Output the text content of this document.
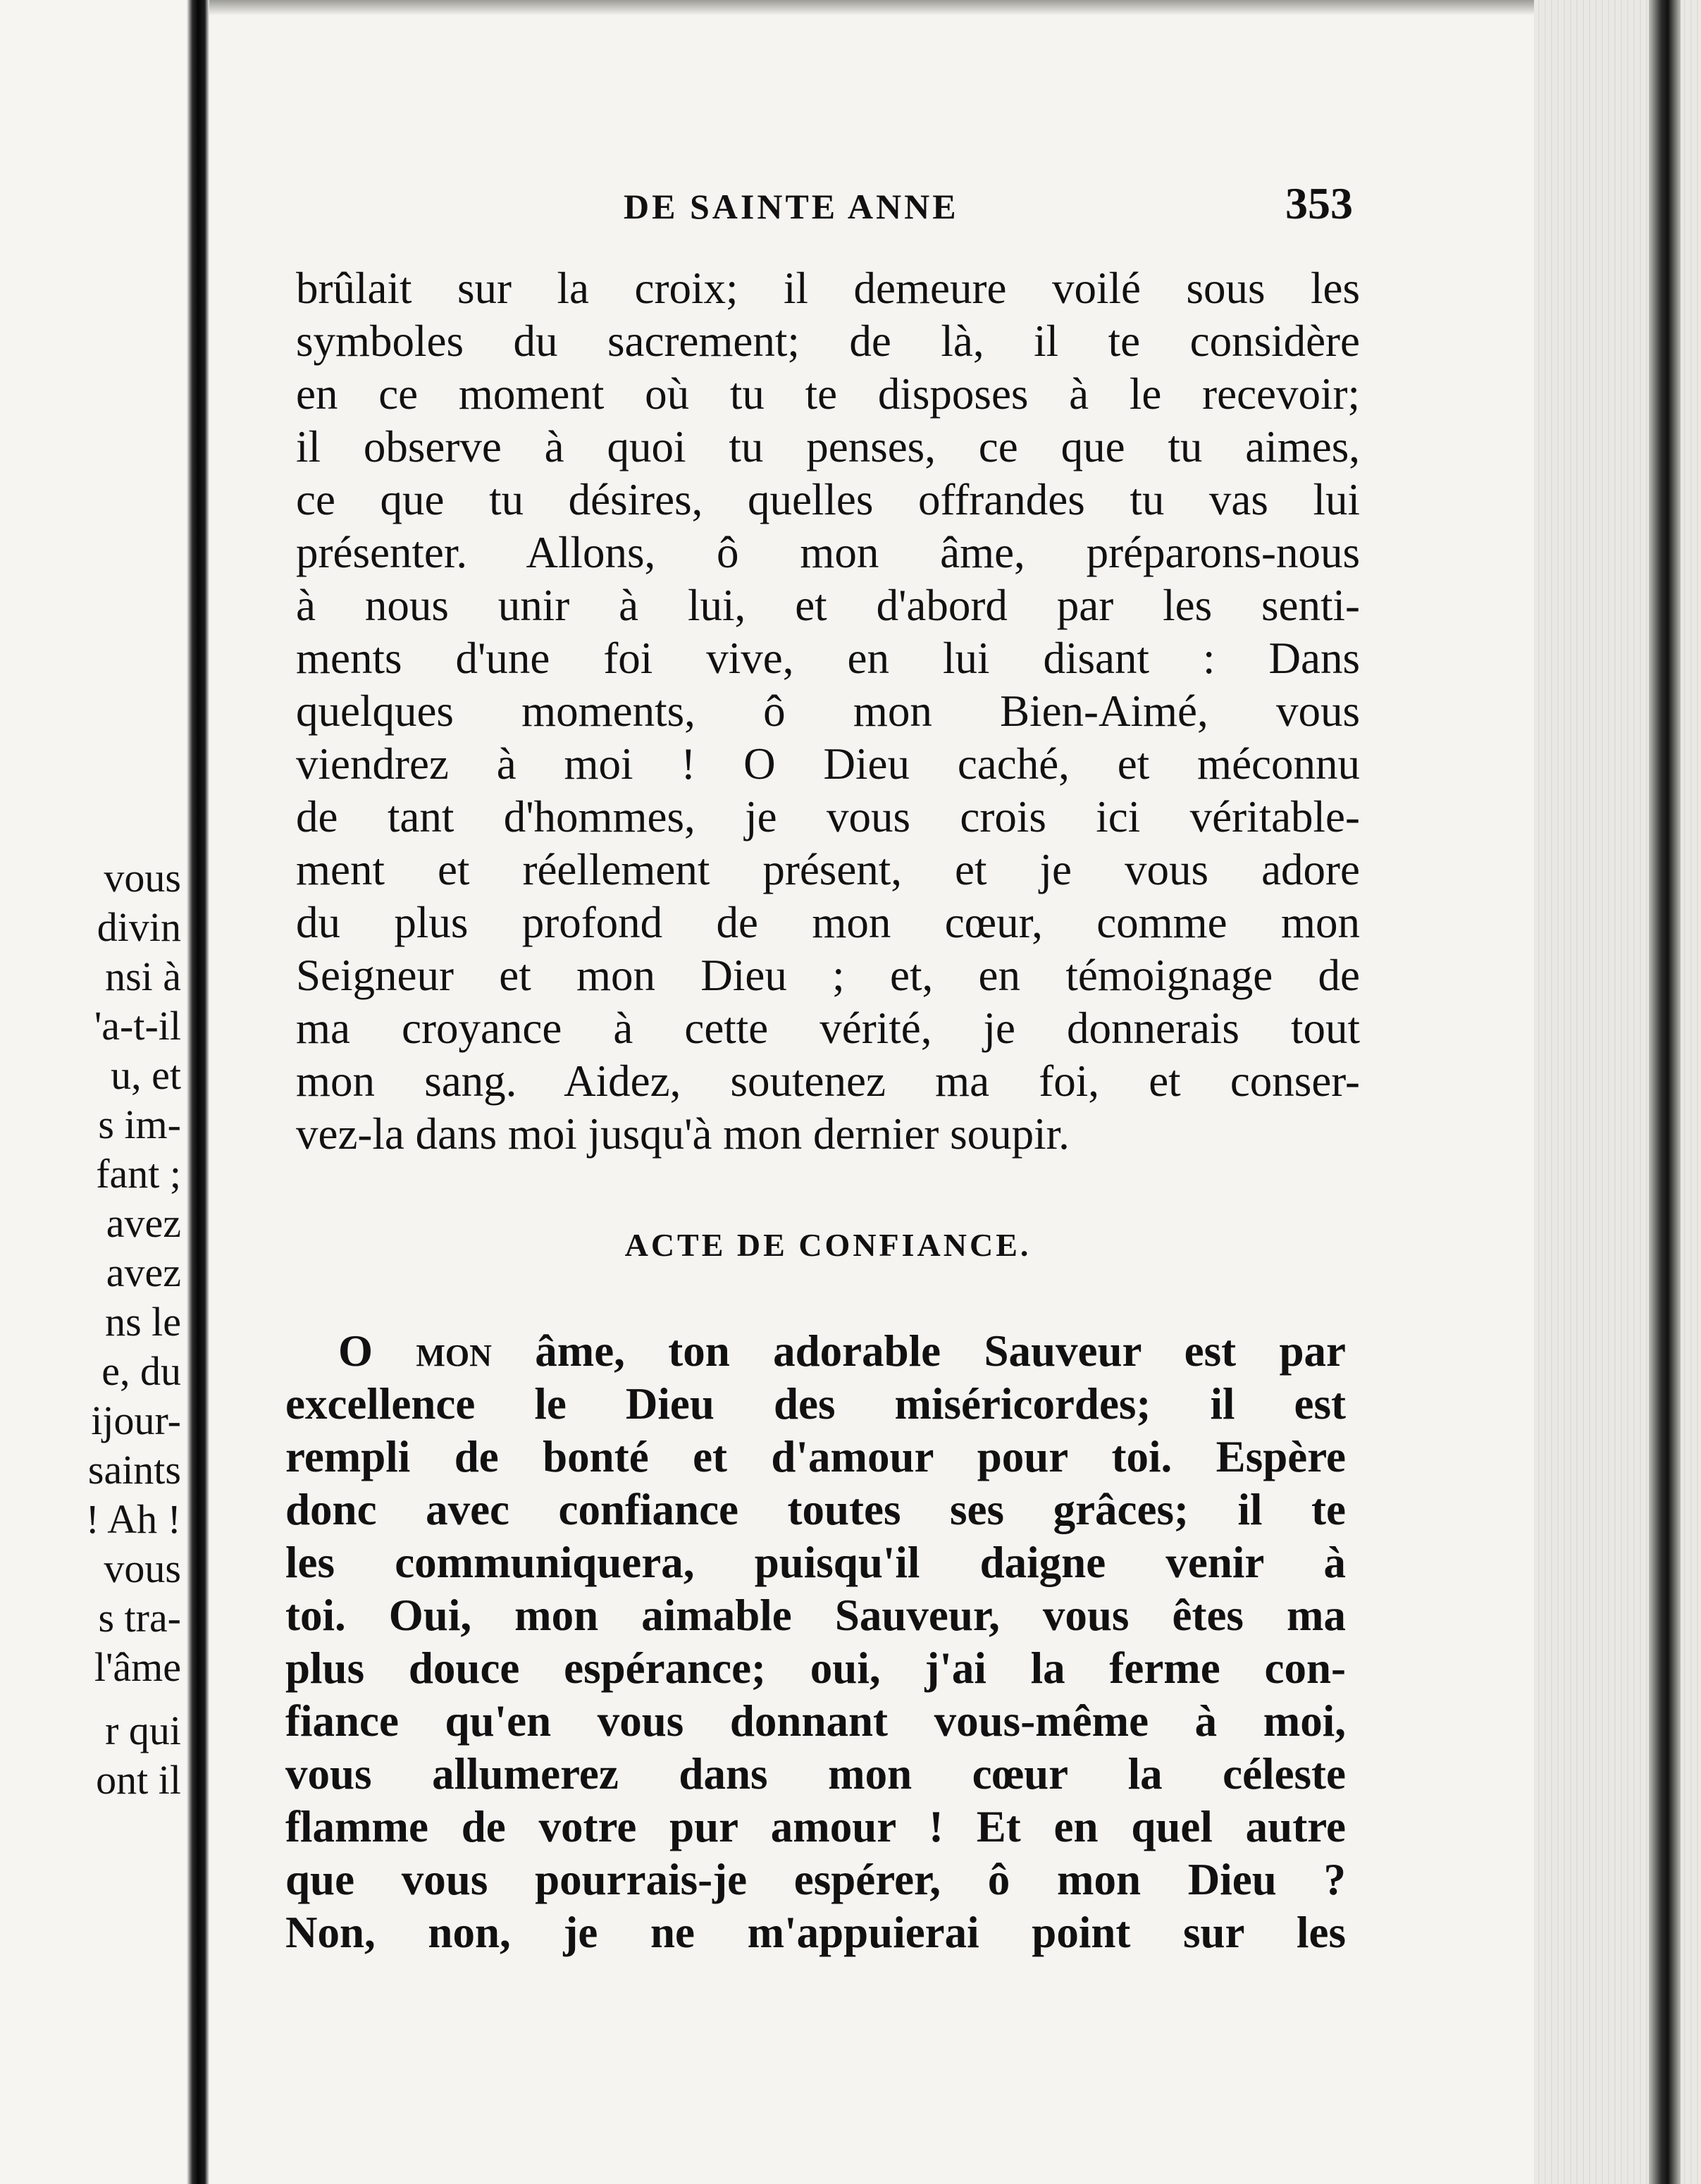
vous
divin
nsi à
'a-t-il
u, et
s im-
fant ;
avez
avez
ns le
e, du
ijour-
saints
! Ah !
vous
s tra-
l'âme
r qui
ont il
DE SAINTE ANNE	353
brûlait sur la croix; il demeure voilé sous les
symboles du sacrement; de là, il te considère
en ce moment où tu te disposes à le recevoir;
il observe à quoi tu penses, ce que tu aimes,
ce que tu désires, quelles offrandes tu vas lui
présenter. Allons, ô mon âme, préparons-nous
à nous unir à lui, et d'abord par les senti-
ments d'une foi vive, en lui disant : Dans
quelques moments, ô mon Bien-Aimé, vous
viendrez à moi ! O Dieu caché, et méconnu
de tant d'hommes, je vous crois ici véritable-
ment et réellement présent, et je vous adore
du plus profond de mon cœur, comme mon
Seigneur et mon Dieu ; et, en témoignage de
ma croyance à cette vérité, je donnerais tout
mon sang. Aidez, soutenez ma foi, et conser-
vez-la dans moi jusqu'à mon dernier soupir.
ACTE DE CONFIANCE.
O mon âme, ton adorable Sauveur est par
excellence le Dieu des miséricordes; il est
rempli de bonté et d'amour pour toi. Espère
donc avec confiance toutes ses grâces; il te
les communiquera, puisqu'il daigne venir à
toi. Oui, mon aimable Sauveur, vous êtes ma
plus douce espérance; oui, j'ai la ferme con-
fiance qu'en vous donnant vous-même à moi,
vous allumerez dans mon cœur la céleste
flamme de votre pur amour ! Et en quel autre
que vous pourrais-je espérer, ô mon Dieu ?
Non, non, je ne m'appuierai point sur les
